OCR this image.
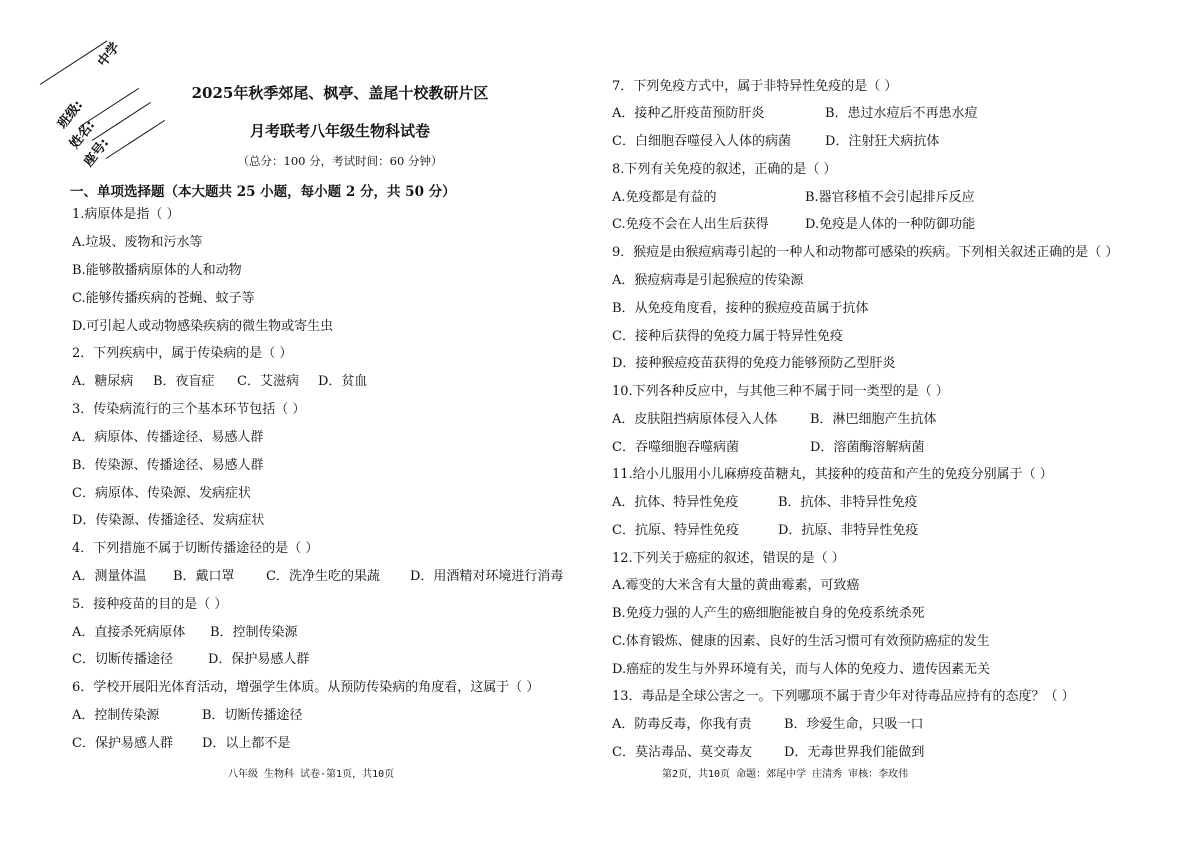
中学
班级:
姓名:
座号:
2025年秋季郊尾、枫亭、盖尾十校教研片区
月考联考八年级生物科试卷
（总分：100 分，考试时间：60 分钟）
一、单项选择题（本大题共 25 小题，每小题 2 分，共 50 分）
1.病原体是指（ ）
A.垃圾、废物和污水等
B.能够散播病原体的人和动物
C.能够传播疾病的苍蝇、蚊子等
D.可引起人或动物感染疾病的微生物或寄生虫
2．下列疾病中，属于传染病的是（ ）
A．糖尿病 B．夜盲症 C．艾滋病 D．贫血
3．传染病流行的三个基本环节包括（ ）
A．病原体、传播途径、易感人群
B．传染源、传播途径、易感人群
C．病原体、传染源、发病症状
D．传染源、传播途径、发病症状
4．下列措施不属于切断传播途径的是（ ）
A．测量体温 B．戴口罩 C．洗净生吃的果蔬 D．用酒精对环境进行消毒
5．接种疫苗的目的是（ ）
A．直接杀死病原体 B．控制传染源
C．切断传播途径	D．保护易感人群
6．学校开展阳光体育活动，增强学生体质。从预防传染病的角度看，这属于（ ）
A．控制传染源	B．切断传播途径
C．保护易感人群 D．以上都不是
八年级 生物科 试卷·第1页，共10页
7．下列免疫方式中，属于非特异性免疫的是（ ）
A．接种乙肝疫苗预防肝炎	B．患过水痘后不再患水痘
C．白细胞吞噬侵入人体的病菌	D．注射狂犬病抗体
8.下列有关免疫的叙述，正确的是（ ）
A.免疫都是有益的	B.器官移植不会引起排斥反应
C.免疫不会在人出生后获得	D.免疫是人体的一种防御功能
9．猴痘是由猴痘病毒引起的一种人和动物都可感染的疾病。下列相关叙述正确的是（ ）
A．猴痘病毒是引起猴痘的传染源
B．从免疫角度看，接种的猴痘疫苗属于抗体
C．接种后获得的免疫力属于特异性免疫
D．接种猴痘疫苗获得的免疫力能够预防乙型肝炎
10.下列各种反应中，与其他三种不属于同一类型的是（ ）
A．皮肤阻挡病原体侵入人体	B．淋巴细胞产生抗体
C．吞噬细胞吞噬病菌	D．溶菌酶溶解病菌
11.给小儿服用小儿麻痹疫苗糖丸，其接种的疫苗和产生的免疫分别属于（ ）
A．抗体、特异性免疫	B．抗体、非特异性免疫
C．抗原、特异性免疫	D．抗原、非特异性免疫
12.下列关于癌症的叙述，错误的是（ ）
A.霉变的大米含有大量的黄曲霉素，可致癌
B.免疫力强的人产生的癌细胞能被自身的免疫系统杀死
C.体育锻炼、健康的因素、良好的生活习惯可有效预防癌症的发生
D.癌症的发生与外界环境有关，而与人体的免疫力、遗传因素无关
13．毒品是全球公害之一。下列哪项不属于青少年对待毒品应持有的态度？（ ）
A．防毒反毒，你我有责	B．珍爱生命，只吸一口
C．莫沾毒品、莫交毒友 D．无毒世界我们能做到
第2页，共10页 命题：郊尾中学 庄清秀 审核：李玫伟
